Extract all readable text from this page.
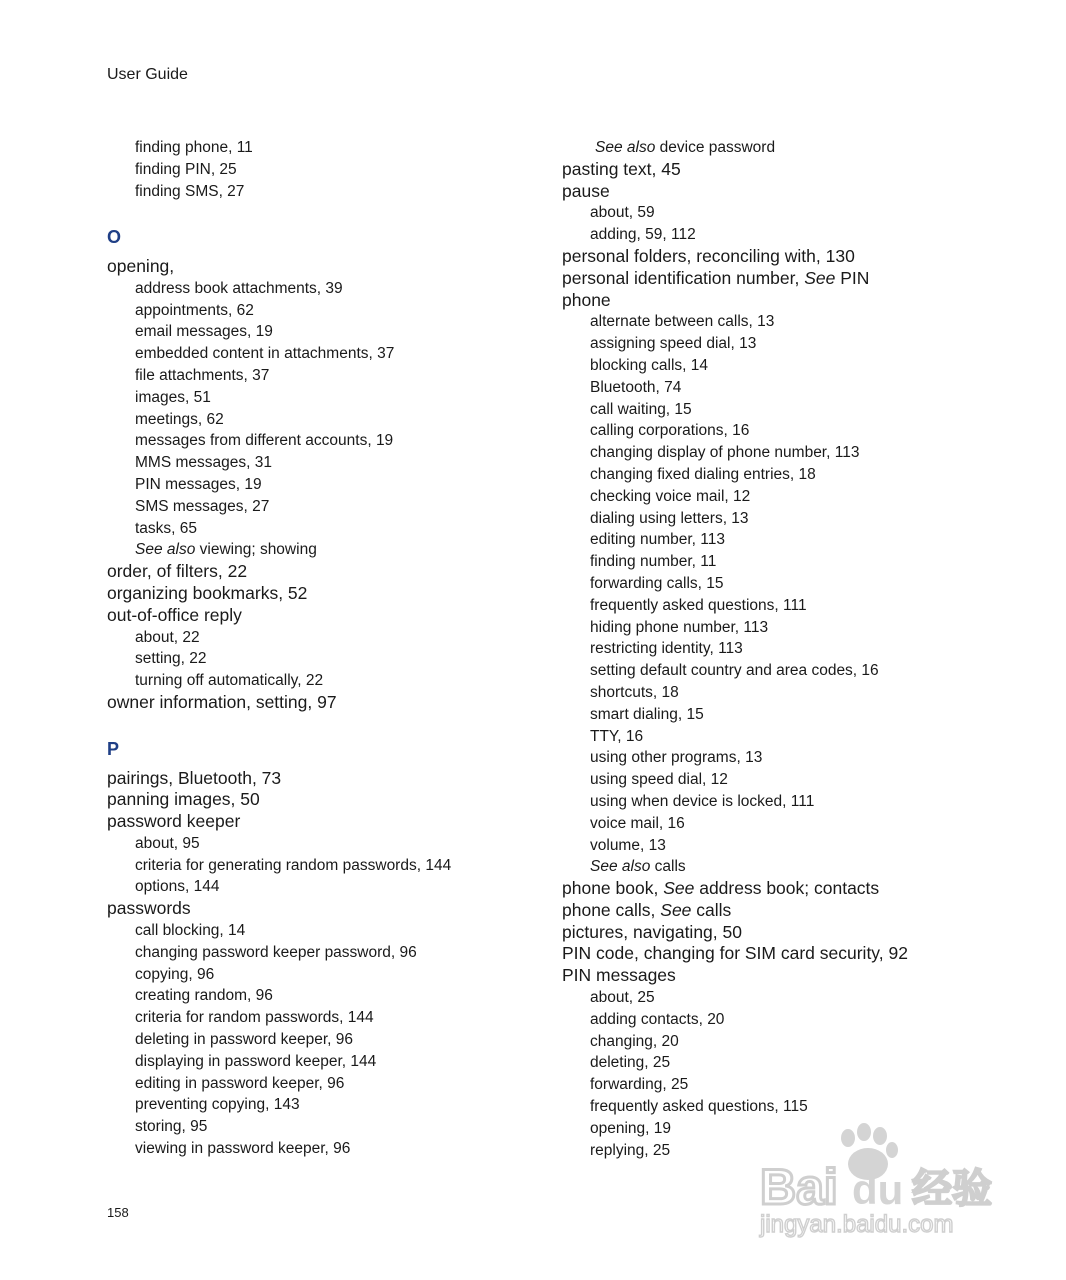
User Guide
finding phone, 11
finding PIN, 25
finding SMS, 27
O
opening,
address book attachments, 39
appointments, 62
email messages, 19
embedded content in attachments, 37
file attachments, 37
images, 51
meetings, 62
messages from different accounts, 19
MMS messages, 31
PIN messages, 19
SMS messages, 27
tasks, 65
See also viewing; showing
order, of filters, 22
organizing bookmarks, 52
out-of-office reply
about, 22
setting, 22
turning off automatically, 22
owner information, setting, 97
P
pairings, Bluetooth, 73
panning images, 50
password keeper
about, 95
criteria for generating random passwords, 144
options, 144
passwords
call blocking, 14
changing password keeper password, 96
copying, 96
creating random, 96
criteria for random passwords, 144
deleting in password keeper, 96
displaying in password keeper, 144
editing in password keeper, 96
preventing copying, 143
storing, 95
viewing in password keeper, 96
See also device password
pasting text, 45
pause
about, 59
adding, 59, 112
personal folders, reconciling with, 130
personal identification number, See PIN
phone
alternate between calls, 13
assigning speed dial, 13
blocking calls, 14
Bluetooth, 74
call waiting, 15
calling corporations, 16
changing display of phone number, 113
changing fixed dialing entries, 18
checking voice mail, 12
dialing using letters, 13
editing number, 113
finding number, 11
forwarding calls, 15
frequently asked questions, 111
hiding phone number, 113
restricting identity, 113
setting default country and area codes, 16
shortcuts, 18
smart dialing, 15
TTY, 16
using other programs, 13
using speed dial, 12
using when device is locked, 111
voice mail, 16
volume, 13
See also calls
phone book, See address book; contacts
phone calls, See calls
pictures, navigating, 50
PIN code, changing for SIM card security, 92
PIN messages
about, 25
adding contacts, 20
changing, 20
deleting, 25
forwarding, 25
frequently asked questions, 115
opening, 19
replying, 25
158	Bai du 经验
jingyan.baidu.com
